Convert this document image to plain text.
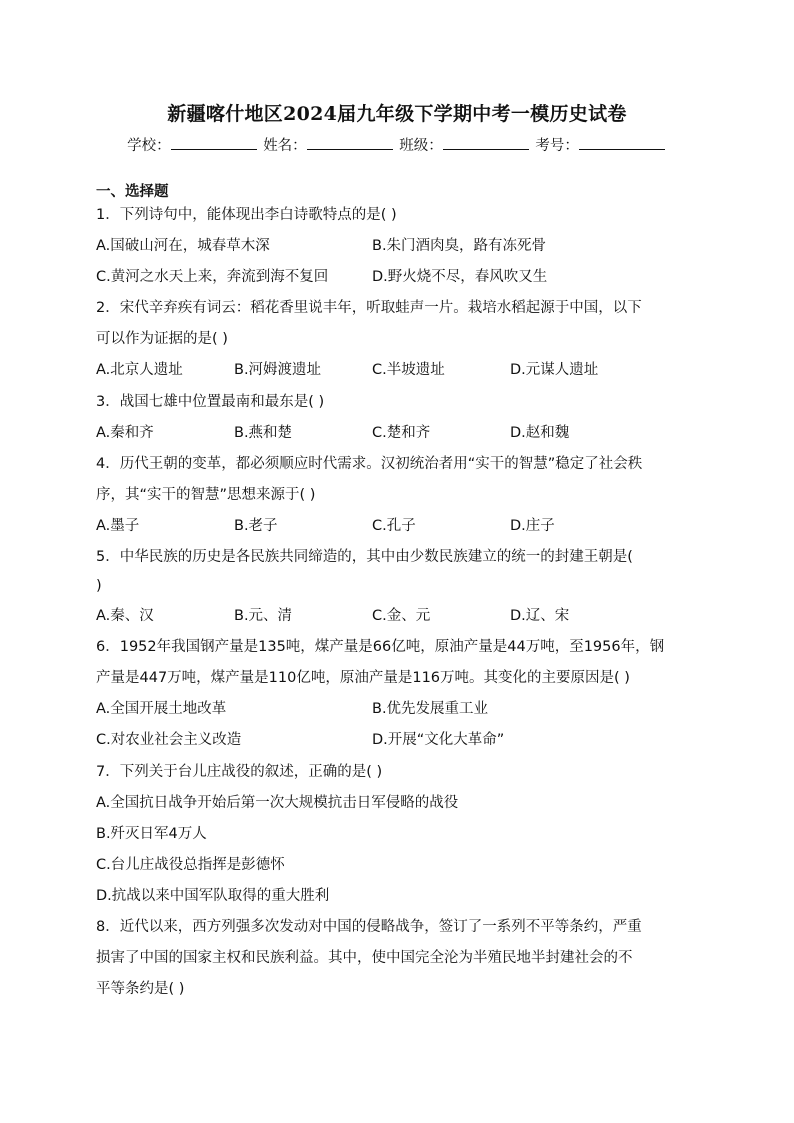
新疆喀什地区2024届九年级下学期中考一模历史试卷
学校：	姓名：	班级：	考号：
一、选择题
1．下列诗句中，能体现出李白诗歌特点的是( )
A.国破山河在，城春草木深	B.朱门酒肉臭，路有冻死骨
C.黄河之水天上来，奔流到海不复回	D.野火烧不尽，春风吹又生
2．宋代辛弃疾有词云：稻花香里说丰年，听取蛙声一片。栽培水稻起源于中国，以下
可以作为证据的是( )
A.北京人遗址	B.河姆渡遗址	C.半坡遗址	D.元谋人遗址
3．战国七雄中位置最南和最东是( )
A.秦和齐	B.燕和楚	C.楚和齐	D.赵和魏
4．历代王朝的变革，都必须顺应时代需求。汉初统治者用“实干的智慧”稳定了社会秩
序，其“实干的智慧”思想来源于( )
A.墨子	B.老子	C.孔子	D.庄子
5．中华民族的历史是各民族共同缔造的，其中由少数民族建立的统一的封建王朝是(
)
A.秦、汉	B.元、清	C.金、元	D.辽、宋
6．1952年我国钢产量是135吨，煤产量是66亿吨，原油产量是44万吨，至1956年，钢
产量是447万吨，煤产量是110亿吨，原油产量是116万吨。其变化的主要原因是( )
A.全国开展土地改革	B.优先发展重工业
C.对农业社会主义改造	D.开展“文化大革命”
7．下列关于台儿庄战役的叙述，正确的是( )
A.全国抗日战争开始后第一次大规模抗击日军侵略的战役
B.歼灭日军4万人
C.台儿庄战役总指挥是彭德怀
D.抗战以来中国军队取得的重大胜利
8．近代以来，西方列强多次发动对中国的侵略战争，签订了一系列不平等条约，严重
损害了中国的国家主权和民族利益。其中，使中国完全沦为半殖民地半封建社会的不
平等条约是( )
